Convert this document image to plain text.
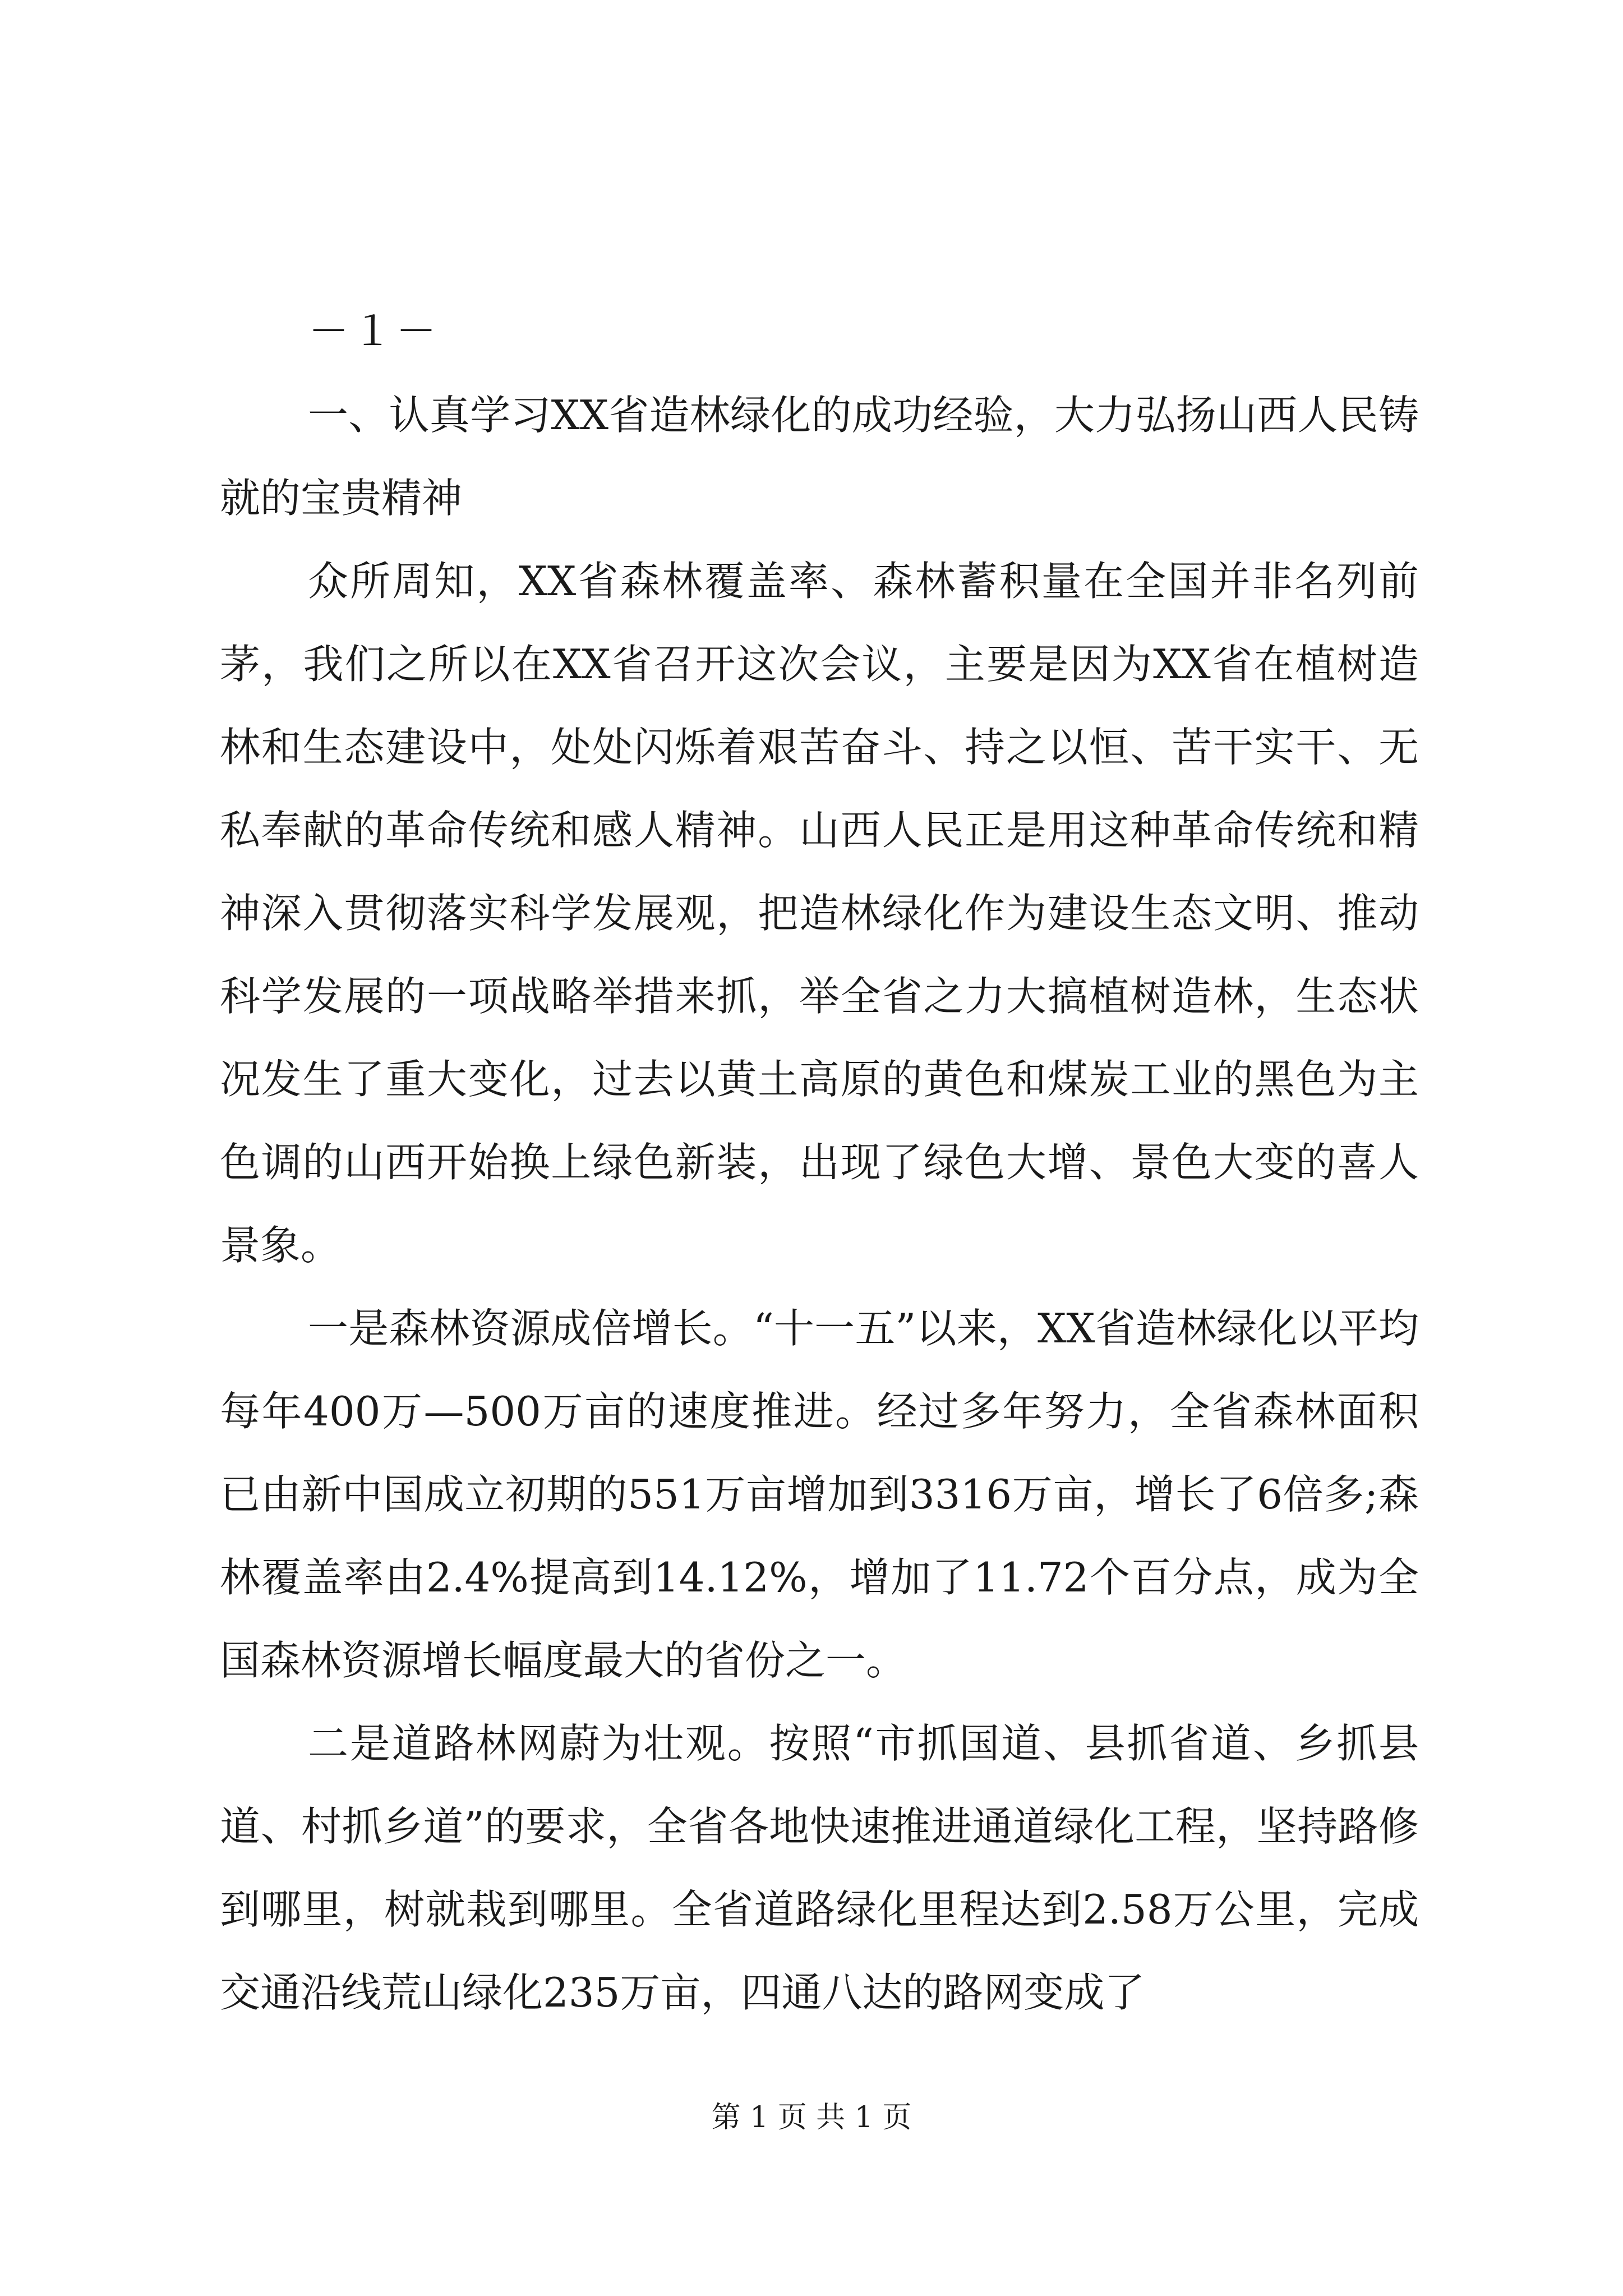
－１－

一、认真学习XX省造林绿化的成功经验，大力弘扬山西人民铸就的宝贵精神

众所周知，XX省森林覆盖率、森林蓄积量在全国并非名列前茅，我们之所以在XX省召开这次会议，主要是因为XX省在植树造林和生态建设中，处处闪烁着艰苦奋斗、持之以恒、苦干实干、无私奉献的革命传统和感人精神。山西人民正是用这种革命传统和精神深入贯彻落实科学发展观，把造林绿化作为建设生态文明、推动科学发展的一项战略举措来抓，举全省之力大搞植树造林，生态状况发生了重大变化，过去以黄土高原的黄色和煤炭工业的黑色为主色调的山西开始换上绿色新装，出现了绿色大增、景色大变的喜人景象。

一是森林资源成倍增长。“十一五”以来，XX省造林绿化以平均每年400万—500万亩的速度推进。经过多年努力，全省森林面积已由新中国成立初期的551万亩增加到3316万亩，增长了6倍多;森林覆盖率由2.4%提高到14.12%，增加了11.72个百分点，成为全国森林资源增长幅度最大的省份之一。

二是道路林网蔚为壮观。按照“市抓国道、县抓省道、乡抓县道、村抓乡道”的要求，全省各地快速推进通道绿化工程，坚持路修到哪里，树就栽到哪里。全省道路绿化里程达到2.58万公里，完成交通沿线荒山绿化235万亩，四通八达的路网变成了

第 1 页 共 1 页
